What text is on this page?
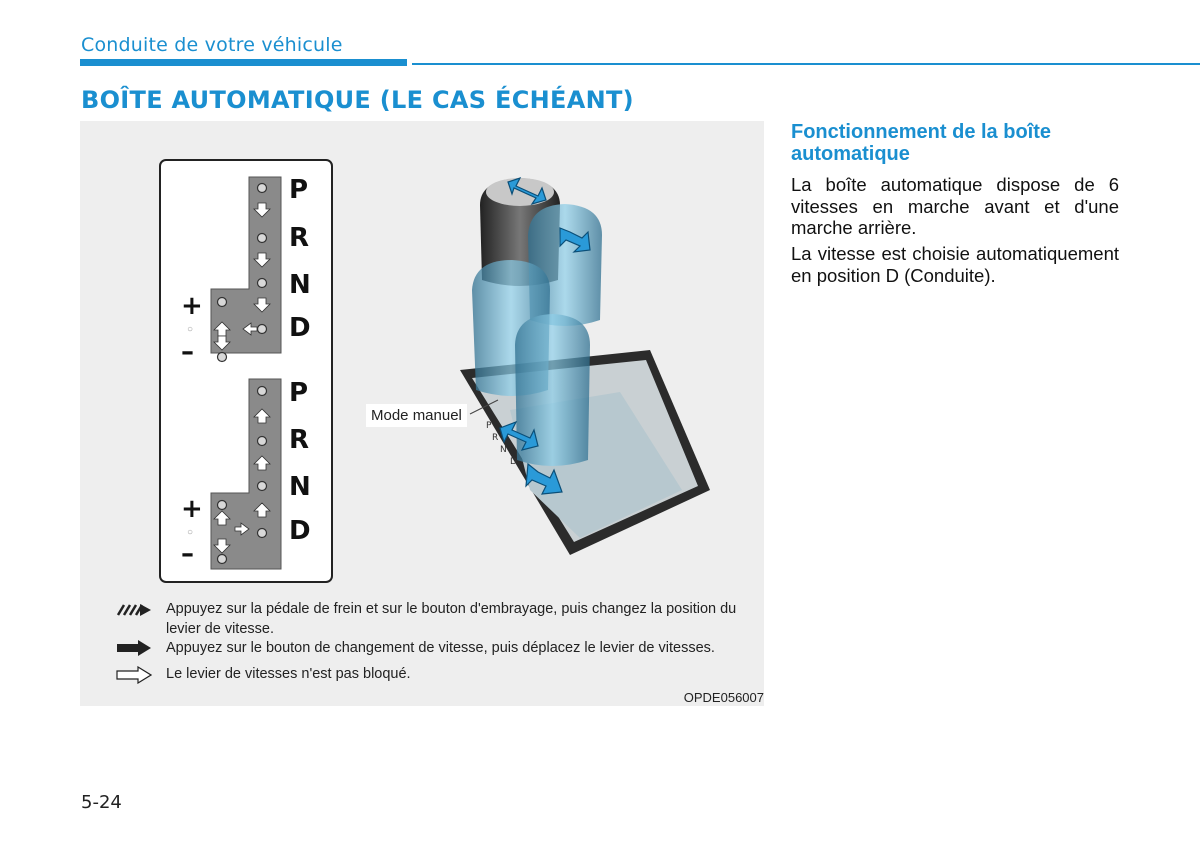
Conduite de votre véhicule
BOÎTE AUTOMATIQUE (LE CAS ÉCHÉANT)
P
R
N
D
+
○
–
P
R
N
D
+
○
–
P
R
N
D
Mode manuel
Appuyez sur la pédale de frein et sur le bouton d'embrayage, puis changez la position du levier de vitesse.
Appuyez sur le bouton de changement de vitesse, puis déplacez le levier de vitesses.
Le levier de vitesses n'est pas bloqué.
OPDE056007
Fonctionnement de la boîte automatique
La boîte automatique dispose de 6 vitesses en marche avant et d'une marche arrière.
La vitesse est choisie automatiquement en position D (Conduite).
5-24
